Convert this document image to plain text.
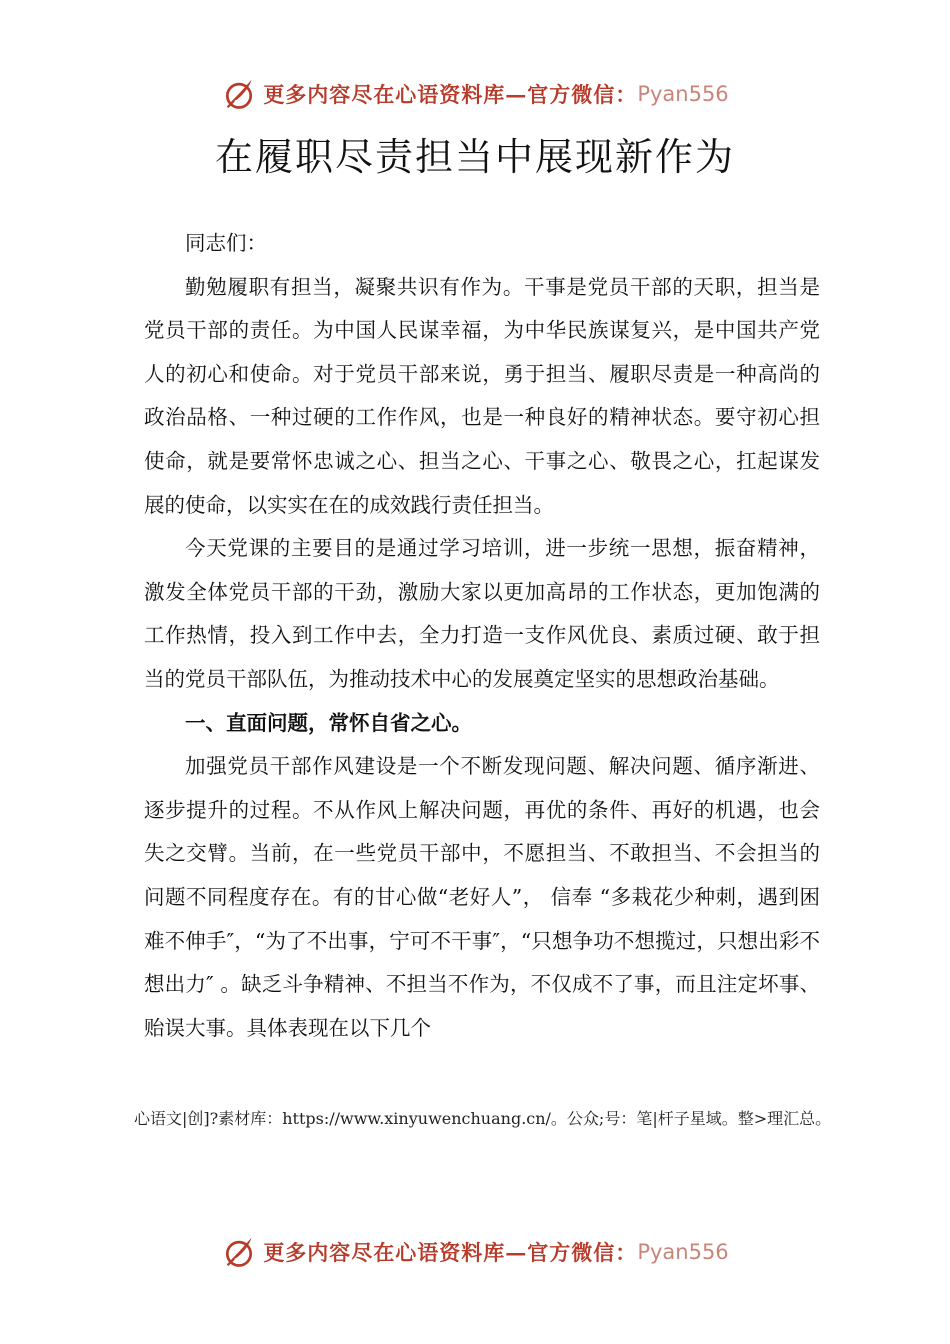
更多内容尽在心语资料库—官方微信： Pyan556
在履职尽责担当中展现新作为

同志们：

勤勉履职有担当，凝聚共识有作为。干事是党员干部的天职，担当是党员干部的责任。为中国人民谋幸福，为中华民族谋复兴，是中国共产党人的初心和使命。对于党员干部来说，勇于担当、履职尽责是一种高尚的政治品格、一种过硬的工作作风，也是一种良好的精神状态。要守初心担使命，就是要常怀忠诚之心、担当之心、干事之心、敬畏之心，扛起谋发展的使命，以实实在在的成效践行责任担当。

今天党课的主要目的是通过学习培训，进一步统一思想，振奋精神，激发全体党员干部的干劲，激励大家以更加高昂的工作状态，更加饱满的工作热情，投入到工作中去，全力打造一支作风优良、素质过硬、敢于担当的党员干部队伍，为推动技术中心的发展奠定坚实的思想政治基础。

一、直面问题，常怀自省之心。

加强党员干部作风建设是一个不断发现问题、解决问题、循序渐进、逐步提升的过程。不从作风上解决问题，再优的条件、再好的机遇，也会失之交臂。当前，在一些党员干部中，不愿担当、不敢担当、不会担当的问题不同程度存在。有的甘心做“老好人”， 信奉 “多栽花少种刺，遇到困难不伸手″，“为了不出事，宁可不干事″，“只想争功不想揽过，只想出彩不想出力″ 。缺乏斗争精神、不担当不作为，不仅成不了事，而且注定坏事、贻误大事。具体表现在以下几个

心语文|创]?素材库：https://www.xinyuwenchuang.cn/。公众;号：笔|杆子星域。整>理汇总。
更多内容尽在心语资料库—官方微信： Pyan556
